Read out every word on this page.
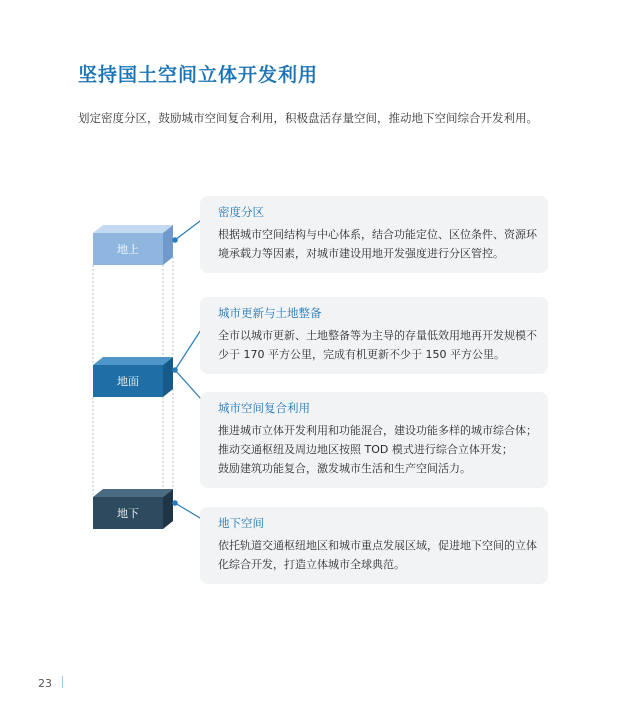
坚持国土空间立体开发利用
划定密度分区，鼓励城市空间复合利用，积极盘活存量空间，推动地下空间综合开发利用。
地上
地面
地下
密度分区
根据城市空间结构与中心体系，结合功能定位、区位条件、资源环
境承载力等因素，对城市建设用地开发强度进行分区管控。
城市更新与土地整备
全市以城市更新、土地整备等为主导的存量低效用地再开发规模不
少于 170 平方公里，完成有机更新不少于 150 平方公里。
城市空间复合利用
推进城市立体开发利用和功能混合，建设功能多样的城市综合体；
推动交通枢纽及周边地区按照 TOD 模式进行综合立体开发；
鼓励建筑功能复合，激发城市生活和生产空间活力。
地下空间
依托轨道交通枢纽地区和城市重点发展区域，促进地下空间的立体
化综合开发，打造立体城市全球典范。
23
